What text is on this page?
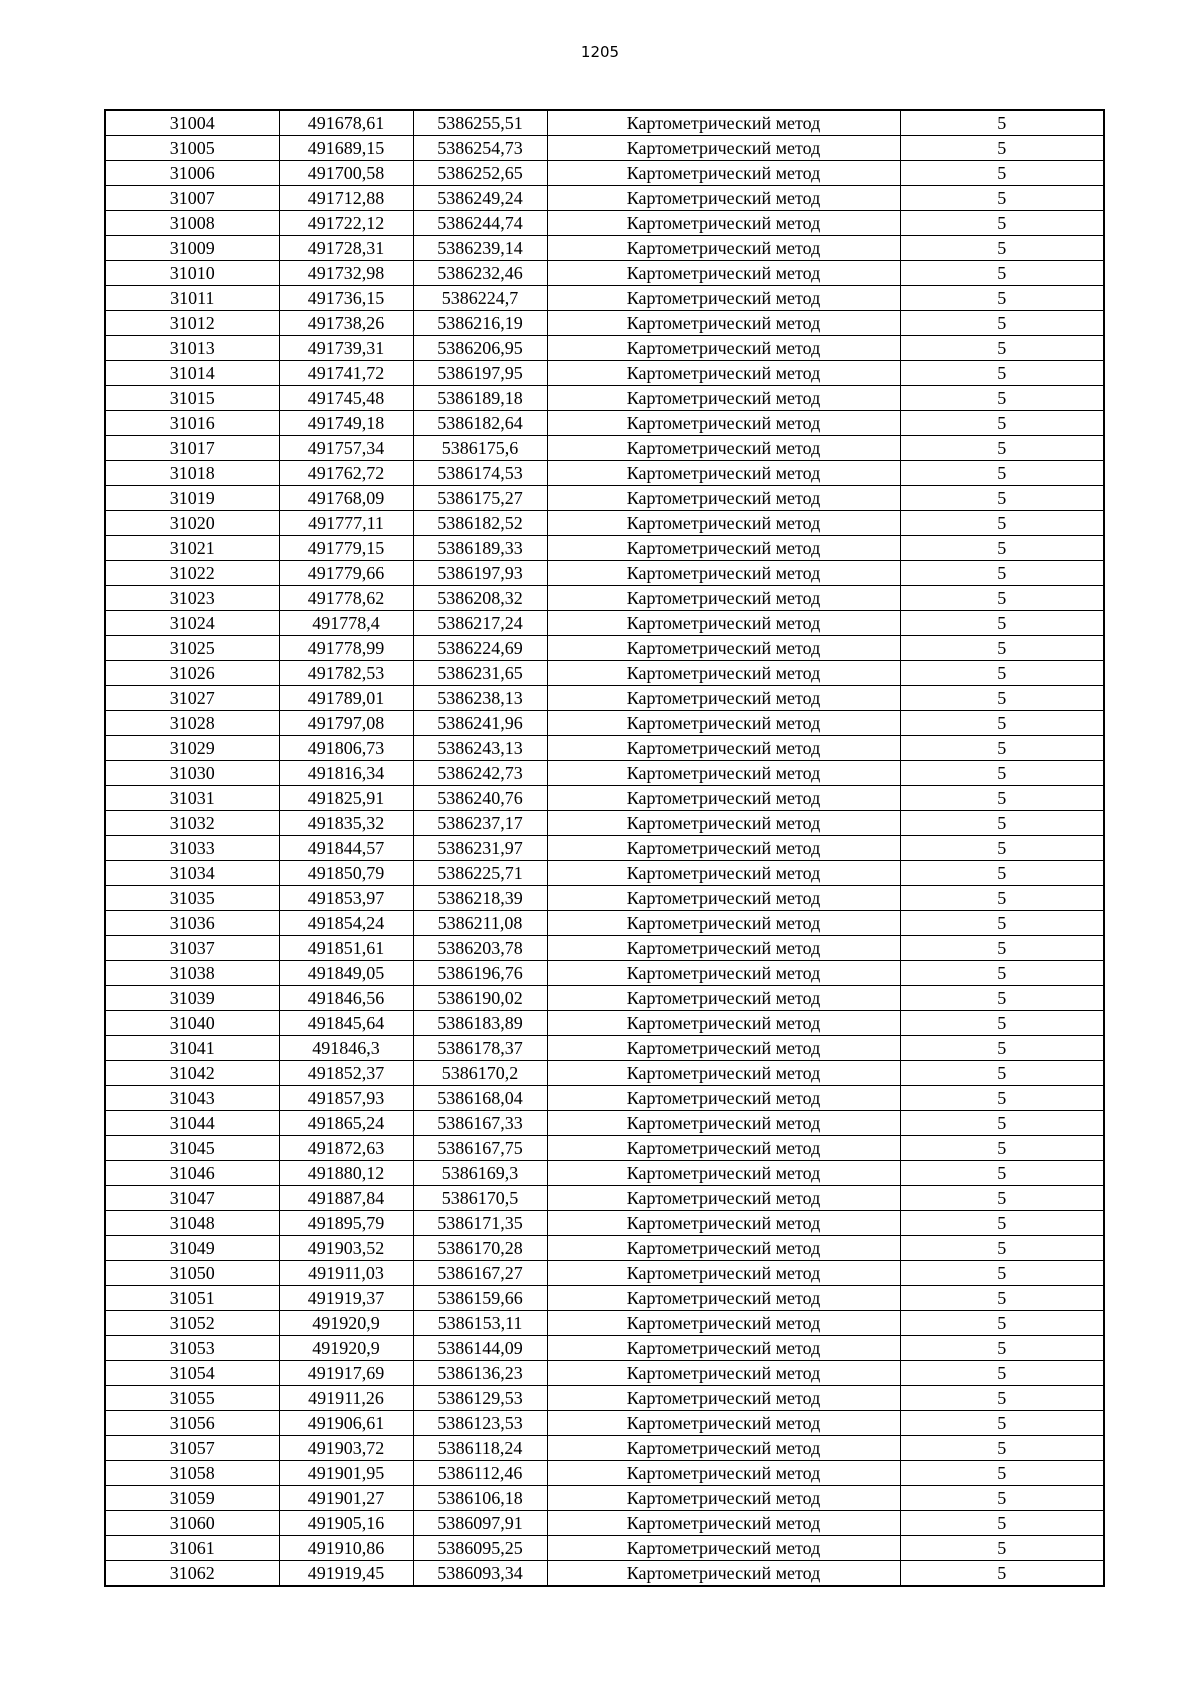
1205
31004	491678,61	5386255,51	Картометрический метод	5
31005	491689,15	5386254,73	Картометрический метод	5
31006	491700,58	5386252,65	Картометрический метод	5
31007	491712,88	5386249,24	Картометрический метод	5
31008	491722,12	5386244,74	Картометрический метод	5
31009	491728,31	5386239,14	Картометрический метод	5
31010	491732,98	5386232,46	Картометрический метод	5
31011	491736,15	5386224,7	Картометрический метод	5
31012	491738,26	5386216,19	Картометрический метод	5
31013	491739,31	5386206,95	Картометрический метод	5
31014	491741,72	5386197,95	Картометрический метод	5
31015	491745,48	5386189,18	Картометрический метод	5
31016	491749,18	5386182,64	Картометрический метод	5
31017	491757,34	5386175,6	Картометрический метод	5
31018	491762,72	5386174,53	Картометрический метод	5
31019	491768,09	5386175,27	Картометрический метод	5
31020	491777,11	5386182,52	Картометрический метод	5
31021	491779,15	5386189,33	Картометрический метод	5
31022	491779,66	5386197,93	Картометрический метод	5
31023	491778,62	5386208,32	Картометрический метод	5
31024	491778,4	5386217,24	Картометрический метод	5
31025	491778,99	5386224,69	Картометрический метод	5
31026	491782,53	5386231,65	Картометрический метод	5
31027	491789,01	5386238,13	Картометрический метод	5
31028	491797,08	5386241,96	Картометрический метод	5
31029	491806,73	5386243,13	Картометрический метод	5
31030	491816,34	5386242,73	Картометрический метод	5
31031	491825,91	5386240,76	Картометрический метод	5
31032	491835,32	5386237,17	Картометрический метод	5
31033	491844,57	5386231,97	Картометрический метод	5
31034	491850,79	5386225,71	Картометрический метод	5
31035	491853,97	5386218,39	Картометрический метод	5
31036	491854,24	5386211,08	Картометрический метод	5
31037	491851,61	5386203,78	Картометрический метод	5
31038	491849,05	5386196,76	Картометрический метод	5
31039	491846,56	5386190,02	Картометрический метод	5
31040	491845,64	5386183,89	Картометрический метод	5
31041	491846,3	5386178,37	Картометрический метод	5
31042	491852,37	5386170,2	Картометрический метод	5
31043	491857,93	5386168,04	Картометрический метод	5
31044	491865,24	5386167,33	Картометрический метод	5
31045	491872,63	5386167,75	Картометрический метод	5
31046	491880,12	5386169,3	Картометрический метод	5
31047	491887,84	5386170,5	Картометрический метод	5
31048	491895,79	5386171,35	Картометрический метод	5
31049	491903,52	5386170,28	Картометрический метод	5
31050	491911,03	5386167,27	Картометрический метод	5
31051	491919,37	5386159,66	Картометрический метод	5
31052	491920,9	5386153,11	Картометрический метод	5
31053	491920,9	5386144,09	Картометрический метод	5
31054	491917,69	5386136,23	Картометрический метод	5
31055	491911,26	5386129,53	Картометрический метод	5
31056	491906,61	5386123,53	Картометрический метод	5
31057	491903,72	5386118,24	Картометрический метод	5
31058	491901,95	5386112,46	Картометрический метод	5
31059	491901,27	5386106,18	Картометрический метод	5
31060	491905,16	5386097,91	Картометрический метод	5
31061	491910,86	5386095,25	Картометрический метод	5
31062	491919,45	5386093,34	Картометрический метод	5
